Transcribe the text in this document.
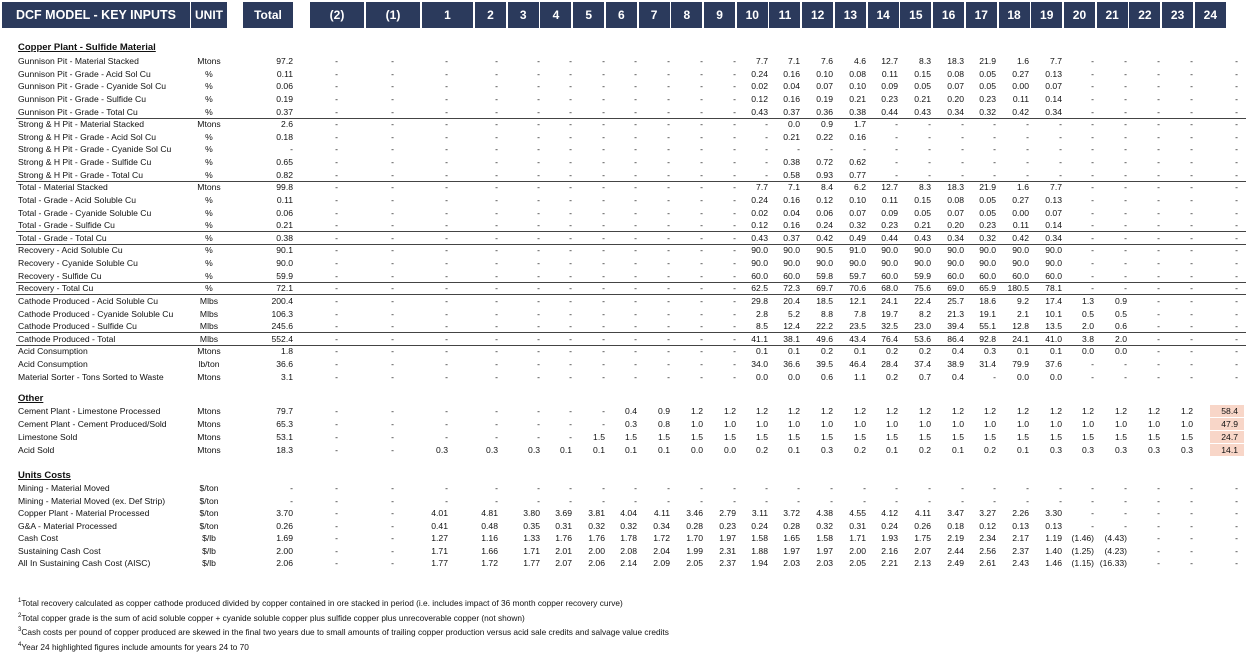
DCF MODEL - KEY INPUTS	UNIT	Total	(2)	(1)	1	2	3	4	5	6	7	8	9	10	11	12	13	14	15	16	17	18	19	20	21	22	23	24
Copper Plant - Sulfide Material
Other
Units Costs
Gunnison Pit - Material Stacked	Mtons	97.2	-	-	-	-	-	-	-	-	-	-	-	7.7	7.1	7.6	4.6	12.7	8.3	18.3	21.9	1.6	7.7	-	-	-	-	-
Gunnison Pit - Grade - Acid Sol Cu	%	0.11	-	-	-	-	-	-	-	-	-	-	-	0.24	0.16	0.10	0.08	0.11	0.15	0.08	0.05	0.27	0.13	-	-	-	-	-
Gunnison Pit - Grade - Cyanide Sol Cu	%	0.06	-	-	-	-	-	-	-	-	-	-	-	0.02	0.04	0.07	0.10	0.09	0.05	0.07	0.05	0.00	0.07	-	-	-	-	-
Gunnison Pit - Grade - Sulfide Cu	%	0.19	-	-	-	-	-	-	-	-	-	-	-	0.12	0.16	0.19	0.21	0.23	0.21	0.20	0.23	0.11	0.14	-	-	-	-	-
Gunnison Pit - Grade - Total Cu	%	0.37	-	-	-	-	-	-	-	-	-	-	-	0.43	0.37	0.36	0.38	0.44	0.43	0.34	0.32	0.42	0.34	-	-	-	-	-
Strong & H Pit - Material Stacked	Mtons	2.6	-	-	-	-	-	-	-	-	-	-	-	-	0.0	0.9	1.7	-	-	-	-	-	-	-	-	-	-	-
Strong & H Pit - Grade - Acid Sol Cu	%	0.18	-	-	-	-	-	-	-	-	-	-	-	-	0.21	0.22	0.16	-	-	-	-	-	-	-	-	-	-	-
Strong & H Pit - Grade - Cyanide Sol Cu	%	-	-	-	-	-	-	-	-	-	-	-	-	-	-	-	-	-	-	-	-	-	-	-	-	-	-	-
Strong & H Pit - Grade - Sulfide Cu	%	0.65	-	-	-	-	-	-	-	-	-	-	-	-	0.38	0.72	0.62	-	-	-	-	-	-	-	-	-	-	-
Strong & H Pit - Grade - Total Cu	%	0.82	-	-	-	-	-	-	-	-	-	-	-	-	0.58	0.93	0.77	-	-	-	-	-	-	-	-	-	-	-
Total - Material Stacked	Mtons	99.8	-	-	-	-	-	-	-	-	-	-	-	7.7	7.1	8.4	6.2	12.7	8.3	18.3	21.9	1.6	7.7	-	-	-	-	-
Total - Grade - Acid Soluble Cu	%	0.11	-	-	-	-	-	-	-	-	-	-	-	0.24	0.16	0.12	0.10	0.11	0.15	0.08	0.05	0.27	0.13	-	-	-	-	-
Total - Grade - Cyanide Soluble Cu	%	0.06	-	-	-	-	-	-	-	-	-	-	-	0.02	0.04	0.06	0.07	0.09	0.05	0.07	0.05	0.00	0.07	-	-	-	-	-
Total - Grade - Sulfide Cu	%	0.21	-	-	-	-	-	-	-	-	-	-	-	0.12	0.16	0.24	0.32	0.23	0.21	0.20	0.23	0.11	0.14	-	-	-	-	-
Total - Grade - Total Cu	%	0.38	-	-	-	-	-	-	-	-	-	-	-	0.43	0.37	0.42	0.49	0.44	0.43	0.34	0.32	0.42	0.34	-	-	-	-	-
Recovery - Acid Soluble Cu	%	90.1	-	-	-	-	-	-	-	-	-	-	-	90.0	90.0	90.5	91.0	90.0	90.0	90.0	90.0	90.0	90.0	-	-	-	-	-
Recovery - Cyanide Soluble Cu	%	90.0	-	-	-	-	-	-	-	-	-	-	-	90.0	90.0	90.0	90.0	90.0	90.0	90.0	90.0	90.0	90.0	-	-	-	-	-
Recovery - Sulfide Cu	%	59.9	-	-	-	-	-	-	-	-	-	-	-	60.0	60.0	59.8	59.7	60.0	59.9	60.0	60.0	60.0	60.0	-	-	-	-	-
Recovery - Total Cu	%	72.1	-	-	-	-	-	-	-	-	-	-	-	62.5	72.3	69.7	70.6	68.0	75.6	69.0	65.9	180.5	78.1	-	-	-	-	-
Cathode Produced - Acid Soluble Cu	Mlbs	200.4	-	-	-	-	-	-	-	-	-	-	-	29.8	20.4	18.5	12.1	24.1	22.4	25.7	18.6	9.2	17.4	1.3	0.9	-	-	-
Cathode Produced - Cyanide Soluble Cu	Mlbs	106.3	-	-	-	-	-	-	-	-	-	-	-	2.8	5.2	8.8	7.8	19.7	8.2	21.3	19.1	2.1	10.1	0.5	0.5	-	-	-
Cathode Produced - Sulfide Cu	Mlbs	245.6	-	-	-	-	-	-	-	-	-	-	-	8.5	12.4	22.2	23.5	32.5	23.0	39.4	55.1	12.8	13.5	2.0	0.6	-	-	-
Cathode Produced - Total	Mlbs	552.4	-	-	-	-	-	-	-	-	-	-	-	41.1	38.1	49.6	43.4	76.4	53.6	86.4	92.8	24.1	41.0	3.8	2.0	-	-	-
Acid Consumption	Mtons	1.8	-	-	-	-	-	-	-	-	-	-	-	0.1	0.1	0.2	0.1	0.2	0.2	0.4	0.3	0.1	0.1	0.0	0.0	-	-	-
Acid Consumption	lb/ton	36.6	-	-	-	-	-	-	-	-	-	-	-	34.0	36.6	39.5	46.4	28.4	37.4	38.9	31.4	79.9	37.6	-	-	-	-	-
Material Sorter - Tons Sorted to Waste	Mtons	3.1	-	-	-	-	-	-	-	-	-	-	-	0.0	0.0	0.6	1.1	0.2	0.7	0.4	-	0.0	0.0	-	-	-	-	-
Cement Plant - Limestone Processed	Mtons	79.7	-	-	-	-	-	-	-	0.4	0.9	1.2	1.2	1.2	1.2	1.2	1.2	1.2	1.2	1.2	1.2	1.2	1.2	1.2	1.2	1.2	1.2	58.4
Cement Plant - Cement Produced/Sold	Mtons	65.3	-	-	-	-	-	-	-	0.3	0.8	1.0	1.0	1.0	1.0	1.0	1.0	1.0	1.0	1.0	1.0	1.0	1.0	1.0	1.0	1.0	1.0	47.9
Limestone Sold	Mtons	53.1	-	-	-	-	-	-	1.5	1.5	1.5	1.5	1.5	1.5	1.5	1.5	1.5	1.5	1.5	1.5	1.5	1.5	1.5	1.5	1.5	1.5	1.5	24.7
Acid Sold	Mtons	18.3	-	-	0.3	0.3	0.3	0.1	0.1	0.1	0.1	0.0	0.0	0.2	0.1	0.3	0.2	0.1	0.2	0.1	0.2	0.1	0.3	0.3	0.3	0.3	0.3	14.1
Mining - Material Moved	$/ton	-	-	-	-	-	-	-	-	-	-	-	-	-	-	-	-	-	-	-	-	-	-	-	-	-	-	-
Mining - Material Moved (ex. Def Strip)	$/ton	-	-	-	-	-	-	-	-	-	-	-	-	-	-	-	-	-	-	-	-	-	-	-	-	-	-	-
Copper Plant - Material Processed	$/ton	3.70	-	-	4.01	4.81	3.80	3.69	3.81	4.04	4.11	3.46	2.79	3.11	3.72	4.38	4.55	4.12	4.11	3.47	3.27	2.26	3.30	-	-	-	-	-
G&A - Material Processed	$/ton	0.26	-	-	0.41	0.48	0.35	0.31	0.32	0.32	0.34	0.28	0.23	0.24	0.28	0.32	0.31	0.24	0.26	0.18	0.12	0.13	0.13	-	-	-	-	-
Cash Cost	$/lb	1.69	-	-	1.27	1.16	1.33	1.76	1.76	1.78	1.72	1.70	1.97	1.58	1.65	1.58	1.71	1.93	1.75	2.19	2.34	2.17	1.19	(1.46)	(4.43)	-	-	-
Sustaining Cash Cost	$/lb	2.00	-	-	1.71	1.66	1.71	2.01	2.00	2.08	2.04	1.99	2.31	1.88	1.97	1.97	2.00	2.16	2.07	2.44	2.56	2.37	1.40	(1.25)	(4.23)	-	-	-
All In Sustaining Cash Cost (AISC)	$/lb	2.06	-	-	1.77	1.72	1.77	2.07	2.06	2.14	2.09	2.05	2.37	1.94	2.03	2.03	2.05	2.21	2.13	2.49	2.61	2.43	1.46	(1.15) (16.33)	-	-	-
$^1$Total recovery calculated as copper cathode produced divided by copper contained in ore stacked in period (i.e. includes impact of 36 month copper recovery curve)
$^2$Total copper grade is the sum of acid soluble copper + cyanide soluble copper plus sulfide copper plus unrecoverable copper (not shown)
$^3$Cash costs per pound of copper produced are skewed in the final two years due to small amounts of trailing copper production versus acid sale credits and salvage value credits
$^4$Year 24 highlighted figures include amounts for years 24 to 70
